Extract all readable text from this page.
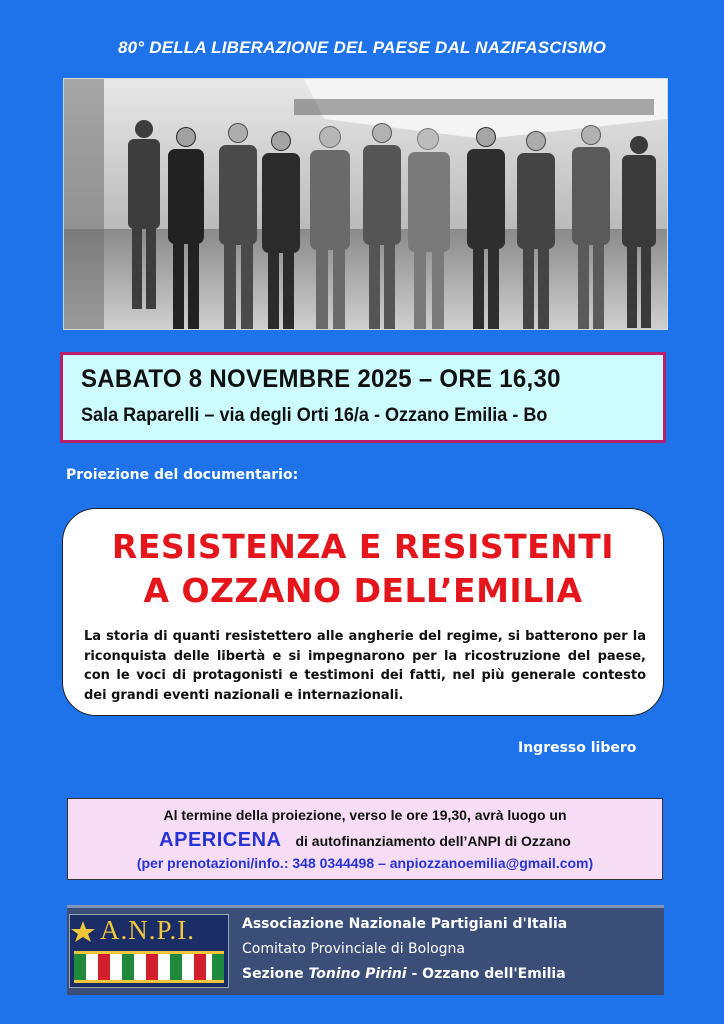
80° DELLA LIBERAZIONE DEL PAESE DAL NAZIFASCISMO
SABATO 8 NOVEMBRE 2025 – ORE 16,30
Sala Raparelli – via degli Orti 16/a - Ozzano Emilia - Bo
Proiezione del documentario:
RESISTENZA E RESISTENTI
A OZZANO DELL’EMILIA
La storia di quanti resistettero alle angherie del regime, si batterono per la riconquista delle libertà e si impegnarono per la ricostruzione del paese, con le voci di protagonisti e testimoni dei fatti, nel più generale contesto dei grandi eventi nazionali e internazionali.
Ingresso libero
Al termine della proiezione, verso le ore 19,30, avrà luogo un
APERICENA di autofinanziamento dell’ANPI di Ozzano
(per prenotazioni/info.: 348 0344498 – anpiozzanoemilia@gmail.com)
A.N.P.I.	Associazione Nazionale Partigiani d'Italia
Comitato Provinciale di Bologna
Sezione Tonino Pirini - Ozzano dell'Emilia
